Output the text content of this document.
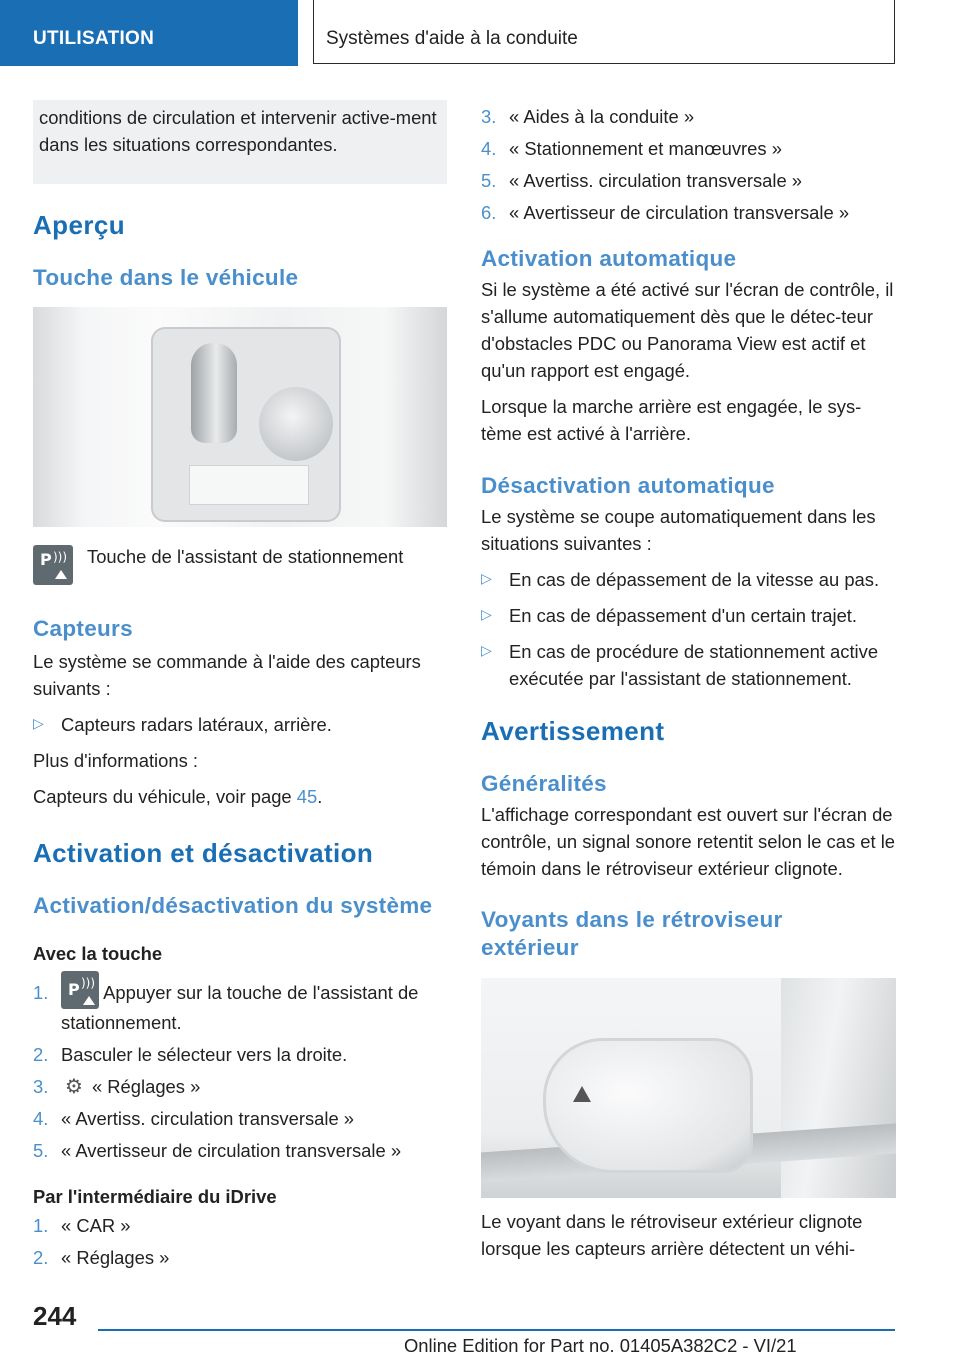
UTILISATION	Systèmes d'aide à la conduite
conditions de circulation et intervenir active-ment dans les situations correspondantes.
Aperçu
Touche dans le véhicule
P ))) Touche de l'assistant de stationnement
Capteurs
Le système se commande à l'aide des capteurs suivants :
▷ Capteurs radars latéraux, arrière.
Plus d'informations :
Capteurs du véhicule, voir page 45.
Activation et désactivation
Activation/désactivation du système
Avec la touche
1.	P ))) Appuyer sur la touche de l'assistant de stationnement.
2. Basculer le sélecteur vers la droite.
3. ⚙ « Réglages »
4. « Avertiss. circulation transversale »
5. « Avertisseur de circulation transversale »
Par l'intermédiaire du iDrive
1. « CAR »
2. « Réglages »
3. « Aides à la conduite »
4. « Stationnement et manœuvres »
5. « Avertiss. circulation transversale »
6. « Avertisseur de circulation transversale »
Activation automatique
Si le système a été activé sur l'écran de contrôle, il s'allume automatiquement dès que le détec-teur d'obstacles PDC ou Panorama View est actif et qu'un rapport est engagé.
Lorsque la marche arrière est engagée, le sys-tème est activé à l'arrière.
Désactivation automatique
Le système se coupe automatiquement dans les situations suivantes :
▷ En cas de dépassement de la vitesse au pas.
▷ En cas de dépassement d'un certain trajet.
▷ En cas de procédure de stationnement active exécutée par l'assistant de stationnement.
Avertissement
Généralités
L'affichage correspondant est ouvert sur l'écran de contrôle, un signal sonore retentit selon le cas et le témoin dans le rétroviseur extérieur clignote.
Voyants dans le rétroviseur extérieur
Le voyant dans le rétroviseur extérieur clignote lorsque les capteurs arrière détectent un véhi-
244
Online Edition for Part no. 01405A382C2 - VI/21
